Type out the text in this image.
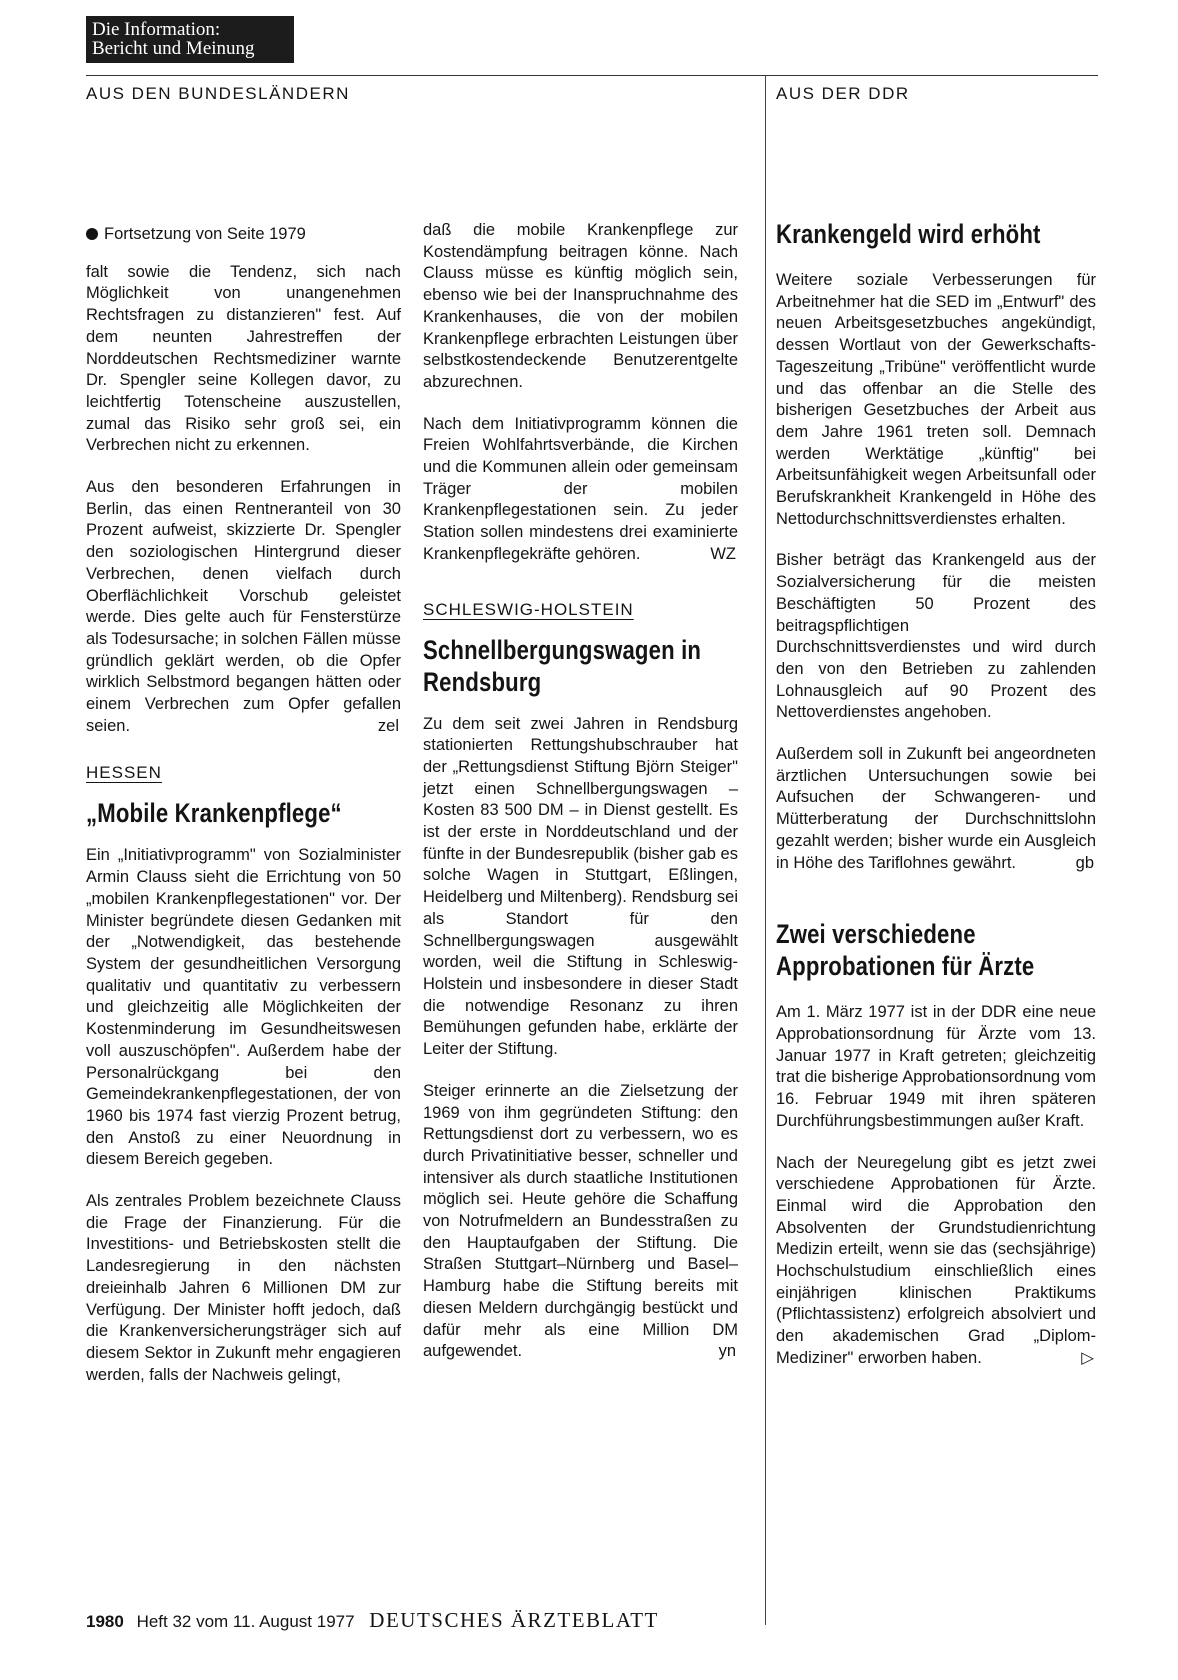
Die Information:
Bericht und Meinung
AUS DEN BUNDESLÄNDERN	AUS DER DDR
Fortsetzung von Seite 1979

falt sowie die Tendenz, sich nach Möglichkeit von unangenehmen Rechtsfragen zu distanzieren" fest. Auf dem neunten Jahrestreffen der Norddeutschen Rechtsmediziner warnte Dr. Spengler seine Kollegen davor, zu leichtfertig Totenscheine auszustellen, zumal das Risiko sehr groß sei, ein Verbrechen nicht zu erkennen.

Aus den besonderen Erfahrungen in Berlin, das einen Rentneranteil von 30 Prozent aufweist, skizzierte Dr. Spengler den soziologischen Hintergrund dieser Verbrechen, denen vielfach durch Oberflächlichkeit Vorschub geleistet werde. Dies gelte auch für Fensterstürze als Todesursache; in solchen Fällen müsse gründlich geklärt werden, ob die Opfer wirklich Selbstmord begangen hätten oder einem Verbrechen zum Opfer gefallen seien.	zel

HESSEN
„Mobile Krankenpflege“

Ein „Initiativprogramm" von Sozialminister Armin Clauss sieht die Errichtung von 50 „mobilen Krankenpflegestationen" vor. Der Minister begründete diesen Gedanken mit der „Notwendigkeit, das bestehende System der gesundheitlichen Versorgung qualitativ und quantitativ zu verbessern und gleichzeitig alle Möglichkeiten der Kostenminderung im Gesundheitswesen voll auszuschöpfen". Außerdem habe der Personalrückgang bei den Gemeindekrankenpflegestationen, der von 1960 bis 1974 fast vierzig Prozent betrug, den Anstoß zu einer Neuordnung in diesem Bereich gegeben.

Als zentrales Problem bezeichnete Clauss die Frage der Finanzierung. Für die Investitions- und Betriebskosten stellt die Landesregierung in den nächsten dreieinhalb Jahren 6 Millionen DM zur Verfügung. Der Minister hofft jedoch, daß die Krankenversicherungsträger sich auf diesem Sektor in Zukunft mehr engagieren werden, falls der Nachweis gelingt,

daß die mobile Krankenpflege zur Kostendämpfung beitragen könne. Nach Clauss müsse es künftig möglich sein, ebenso wie bei der Inanspruchnahme des Krankenhauses, die von der mobilen Krankenpflege erbrachten Leistungen über selbstkostendeckende Benutzerentgelte abzurechnen.

Nach dem Initiativprogramm können die Freien Wohlfahrtsverbände, die Kirchen und die Kommunen allein oder gemeinsam Träger der mobilen Krankenpflegestationen sein. Zu jeder Station sollen mindestens drei examinierte Krankenpflegekräfte gehören.	WZ

SCHLESWIG-HOLSTEIN
Schnellbergungswagen in Rendsburg

Zu dem seit zwei Jahren in Rendsburg stationierten Rettungshubschrauber hat der „Rettungsdienst Stiftung Björn Steiger" jetzt einen Schnellbergungswagen – Kosten 83 500 DM – in Dienst gestellt. Es ist der erste in Norddeutschland und der fünfte in der Bundesrepublik (bisher gab es solche Wagen in Stuttgart, Eßlingen, Heidelberg und Miltenberg). Rendsburg sei als Standort für den Schnellbergungswagen ausgewählt worden, weil die Stiftung in Schleswig-Holstein und insbesondere in dieser Stadt die notwendige Resonanz zu ihren Bemühungen gefunden habe, erklärte der Leiter der Stiftung.

Steiger erinnerte an die Zielsetzung der 1969 von ihm gegründeten Stiftung: den Rettungsdienst dort zu verbessern, wo es durch Privatinitiative besser, schneller und intensiver als durch staatliche Institutionen möglich sei. Heute gehöre die Schaffung von Notrufmeldern an Bundesstraßen zu den Hauptaufgaben der Stiftung. Die Straßen Stuttgart–Nürnberg und Basel–Hamburg habe die Stiftung bereits mit diesen Meldern durchgängig bestückt und dafür mehr als eine Million DM aufgewendet.	yn

Krankengeld wird erhöht

Weitere soziale Verbesserungen für Arbeitnehmer hat die SED im „Entwurf" des neuen Arbeitsgesetzbuches angekündigt, dessen Wortlaut von der Gewerkschafts-Tageszeitung „Tribüne" veröffentlicht wurde und das offenbar an die Stelle des bisherigen Gesetzbuches der Arbeit aus dem Jahre 1961 treten soll. Demnach werden Werktätige „künftig" bei Arbeitsunfähigkeit wegen Arbeitsunfall oder Berufskrankheit Krankengeld in Höhe des Nettodurchschnittsverdienstes erhalten.

Bisher beträgt das Krankengeld aus der Sozialversicherung für die meisten Beschäftigten 50 Prozent des beitragspflichtigen Durchschnittsverdienstes und wird durch den von den Betrieben zu zahlenden Lohnausgleich auf 90 Prozent des Nettoverdienstes angehoben.

Außerdem soll in Zukunft bei angeordneten ärztlichen Untersuchungen sowie bei Aufsuchen der Schwangeren- und Mütterberatung der Durchschnittslohn gezahlt werden; bisher wurde ein Ausgleich in Höhe des Tariflohnes gewährt.	gb

Zwei verschiedene Approbationen für Ärzte

Am 1. März 1977 ist in der DDR eine neue Approbationsordnung für Ärzte vom 13. Januar 1977 in Kraft getreten; gleichzeitig trat die bisherige Approbationsordnung vom 16. Februar 1949 mit ihren späteren Durchführungsbestimmungen außer Kraft.

Nach der Neuregelung gibt es jetzt zwei verschiedene Approbationen für Ärzte. Einmal wird die Approbation den Absolventen der Grundstudienrichtung Medizin erteilt, wenn sie das (sechsjährige) Hochschulstudium einschließlich eines einjährigen klinischen Praktikums (Pflichtassistenz) erfolgreich absolviert und den akademischen Grad „Diplom-Mediziner" erworben haben.	▷

1980 Heft 32 vom 11. August 1977 DEUTSCHES ÄRZTEBLATT
